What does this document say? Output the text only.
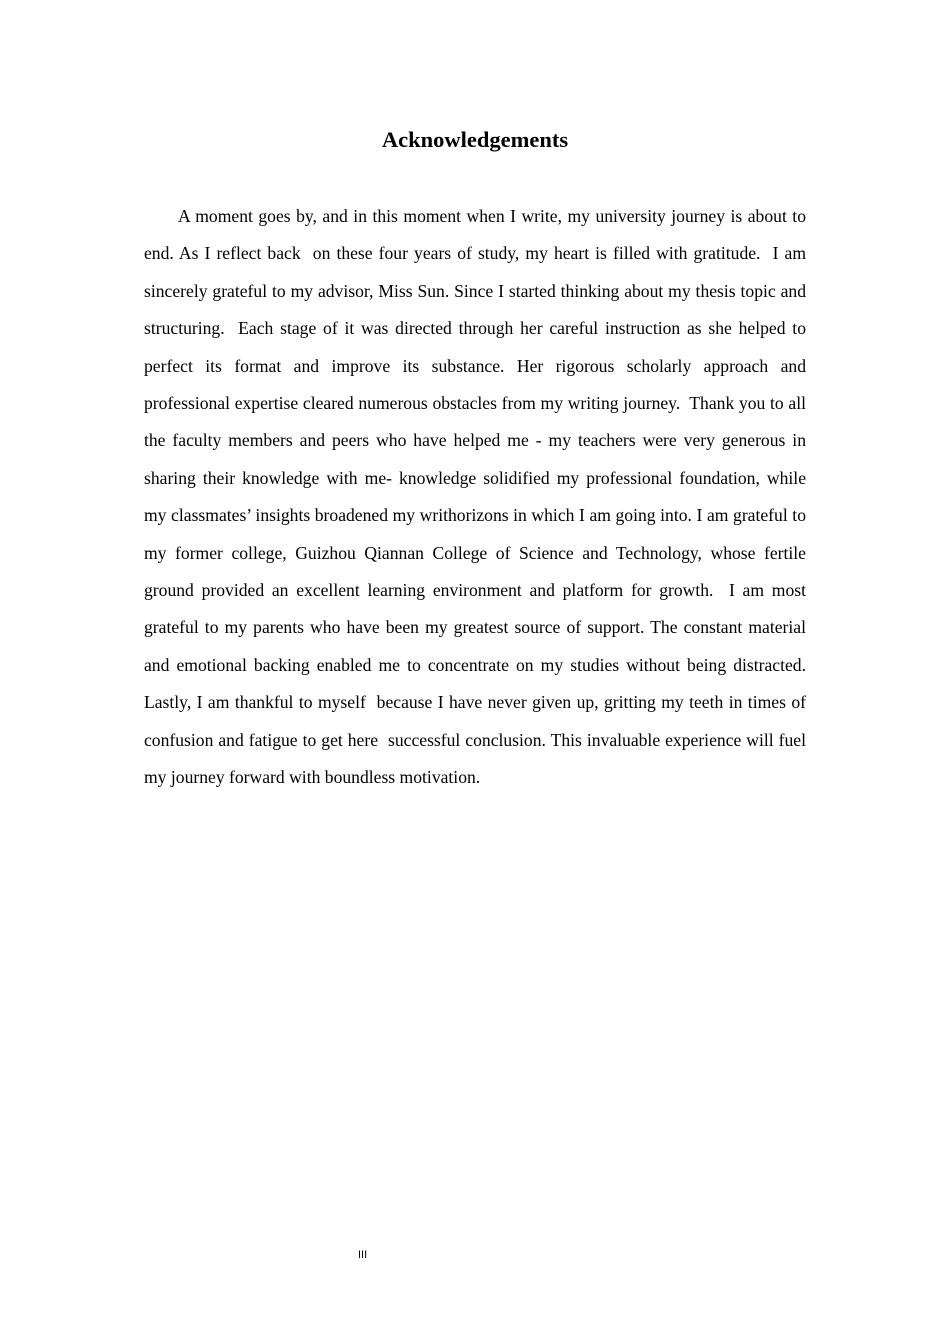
Acknowledgements

A moment goes by, and in this moment when I write, my university journey is about to end. As I reflect back  on these four years of study, my heart is filled with gratitude.  I am sincerely grateful to my advisor, Miss Sun. Since I started thinking about my thesis topic and structuring.  Each stage of it was directed through her careful instruction as she helped to perfect its format and improve its substance. Her rigorous scholarly approach and professional expertise cleared numerous obstacles from my writing journey.  Thank you to all the faculty members and peers who have helped me - my teachers were very generous in sharing their knowledge with me- knowledge solidified my professional foundation, while my classmates’ insights broadened my writhorizons in which I am going into. I am grateful to my former college, Guizhou Qiannan College of Science and Technology, whose fertile ground provided an excellent learning environment and platform for growth.  I am most grateful to my parents who have been my greatest source of support. The constant material and emotional backing enabled me to concentrate on my studies without being distracted. Lastly, I am thankful to myself  because I have never given up, gritting my teeth in times of confusion and fatigue to get here  successful conclusion. This invaluable experience will fuel my journey forward with boundless motivation.

III
